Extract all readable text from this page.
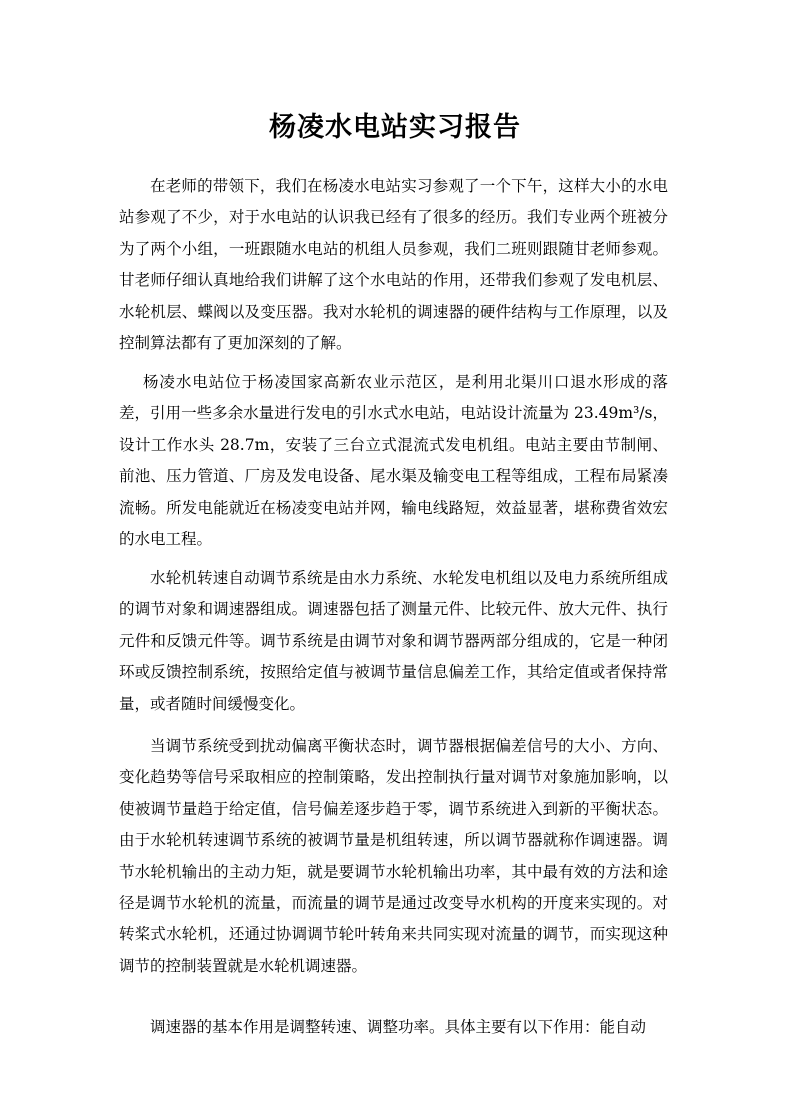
杨凌水电站实习报告

在老师的带领下，我们在杨凌水电站实习参观了一个下午，这样大小的水电站参观了不少，对于水电站的认识我已经有了很多的经历。我们专业两个班被分为了两个小组，一班跟随水电站的机组人员参观，我们二班则跟随甘老师参观。甘老师仔细认真地给我们讲解了这个水电站的作用，还带我们参观了发电机层、水轮机层、蝶阀以及变压器。我对水轮机的调速器的硬件结构与工作原理，以及控制算法都有了更加深刻的了解。

杨凌水电站位于杨凌国家高新农业示范区，是利用北渠川口退水形成的落差，引用一些多余水量进行发电的引水式水电站，电站设计流量为 23.49m³/s，设计工作水头 28.7m，安装了三台立式混流式发电机组。电站主要由节制闸、前池、压力管道、厂房及发电设备、尾水渠及输变电工程等组成，工程布局紧凑流畅。所发电能就近在杨凌变电站并网，输电线路短，效益显著，堪称费省效宏的水电工程。

水轮机转速自动调节系统是由水力系统、水轮发电机组以及电力系统所组成的调节对象和调速器组成。调速器包括了测量元件、比较元件、放大元件、执行元件和反馈元件等。调节系统是由调节对象和调节器两部分组成的，它是一种闭环或反馈控制系统，按照给定值与被调节量信息偏差工作，其给定值或者保持常量，或者随时间缓慢变化。

当调节系统受到扰动偏离平衡状态时，调节器根据偏差信号的大小、方向、变化趋势等信号采取相应的控制策略，发出控制执行量对调节对象施加影响，以使被调节量趋于给定值，信号偏差逐步趋于零，调节系统进入到新的平衡状态。由于水轮机转速调节系统的被调节量是机组转速，所以调节器就称作调速器。调节水轮机输出的主动力矩，就是要调节水轮机输出功率，其中最有效的方法和途径是调节水轮机的流量，而流量的调节是通过改变导水机构的开度来实现的。对转桨式水轮机，还通过协调调节轮叶转角来共同实现对流量的调节，而实现这种调节的控制装置就是水轮机调速器。

调速器的基本作用是调整转速、调整功率。具体主要有以下作用：能自动
